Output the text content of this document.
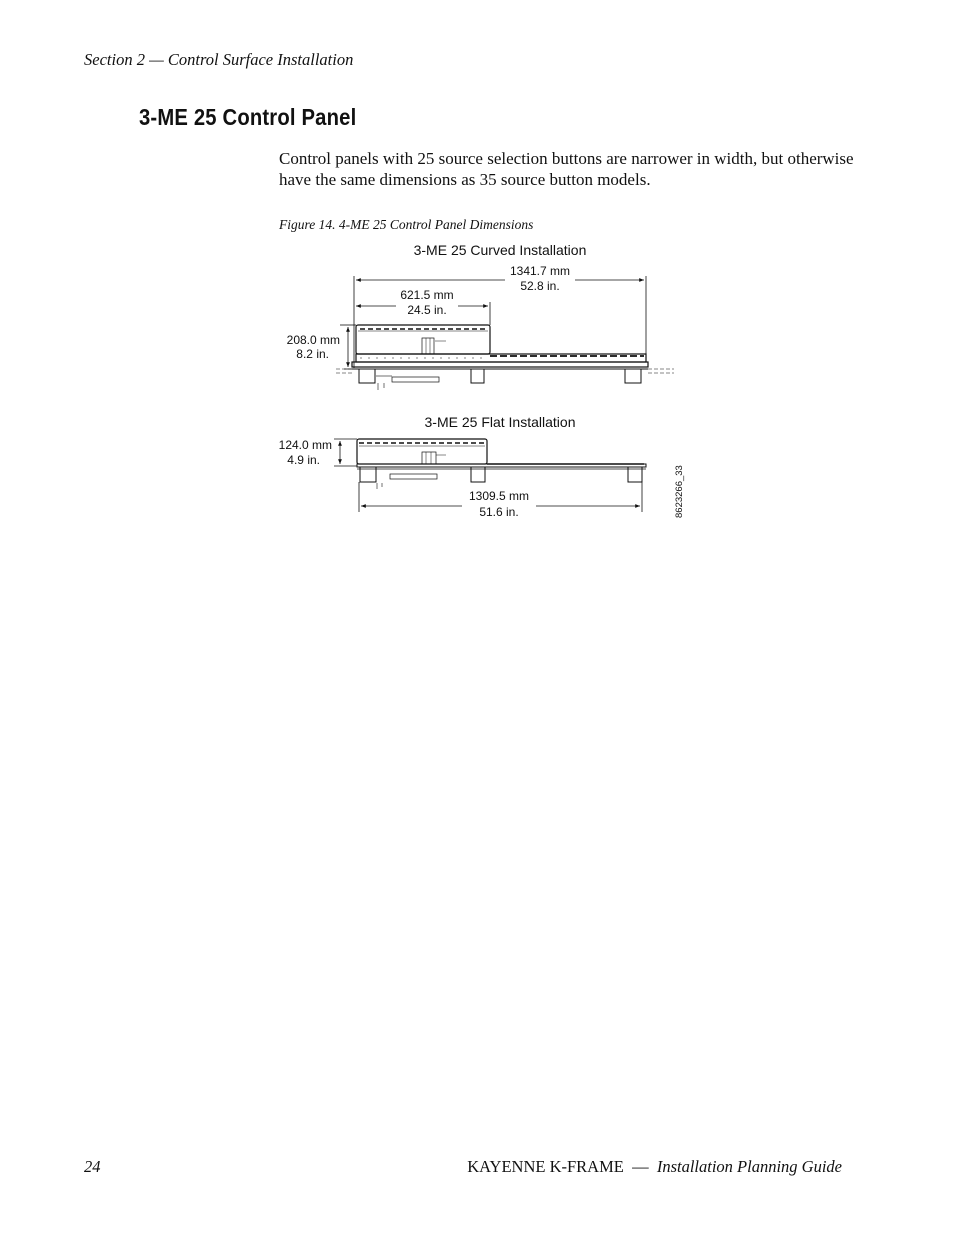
Section 2 — Control Surface Installation
3-ME 25 Control Panel

Control panels with 25 source selection buttons are narrower in width, but otherwise have the same dimensions as 35 source button models.

Figure 14. 4-ME 25 Control Panel Dimensions
3-ME 25 Curved Installation
1341.7 mm
52.8 in.
621.5 mm
24.5 in.
208.0 mm
8.2 in.
3-ME 25 Flat Installation
124.0 mm
4.9 in.
1309.5 mm
51.6 in.	8623266_33
24	KAYENNE K-FRAME — Installation Planning Guide
